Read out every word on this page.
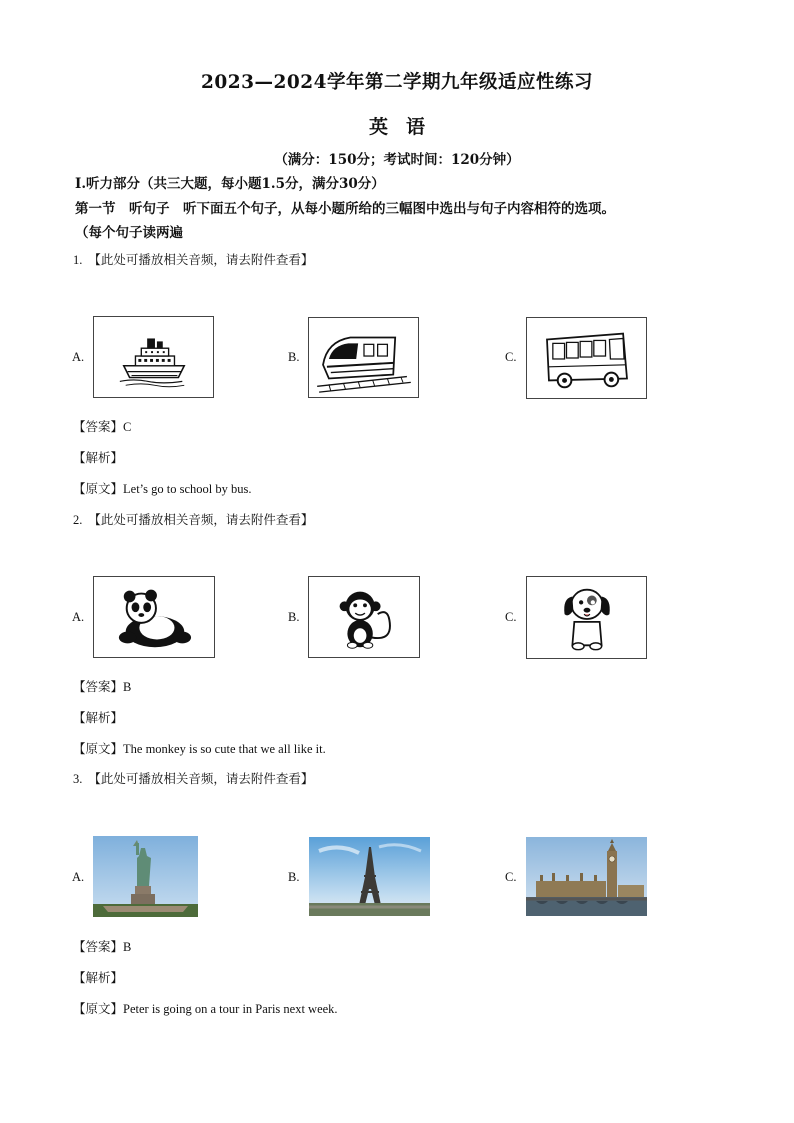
2023—2024学年第二学期九年级适应性练习
英语
（满分：150分；考试时间：120分钟）
Ⅰ.听力部分（共三大题，每小题1.5分，满分30分）
第一节　听句子　听下面五个句子，从每小题所给的三幅图中选出与句子内容相符的选项。
（每个句子读两遍
1. 【此处可播放相关音频，请去附件查看】
A.	B.	C.
【答案】C
【解析】
【原文】Let’s go to school by bus.
2. 【此处可播放相关音频，请去附件查看】
A.	B.	C.
【答案】B
【解析】
【原文】The monkey is so cute that we all like it.
3. 【此处可播放相关音频，请去附件查看】
A.	B.	C.
【答案】B
【解析】
【原文】Peter is going on a tour in Paris next week.
